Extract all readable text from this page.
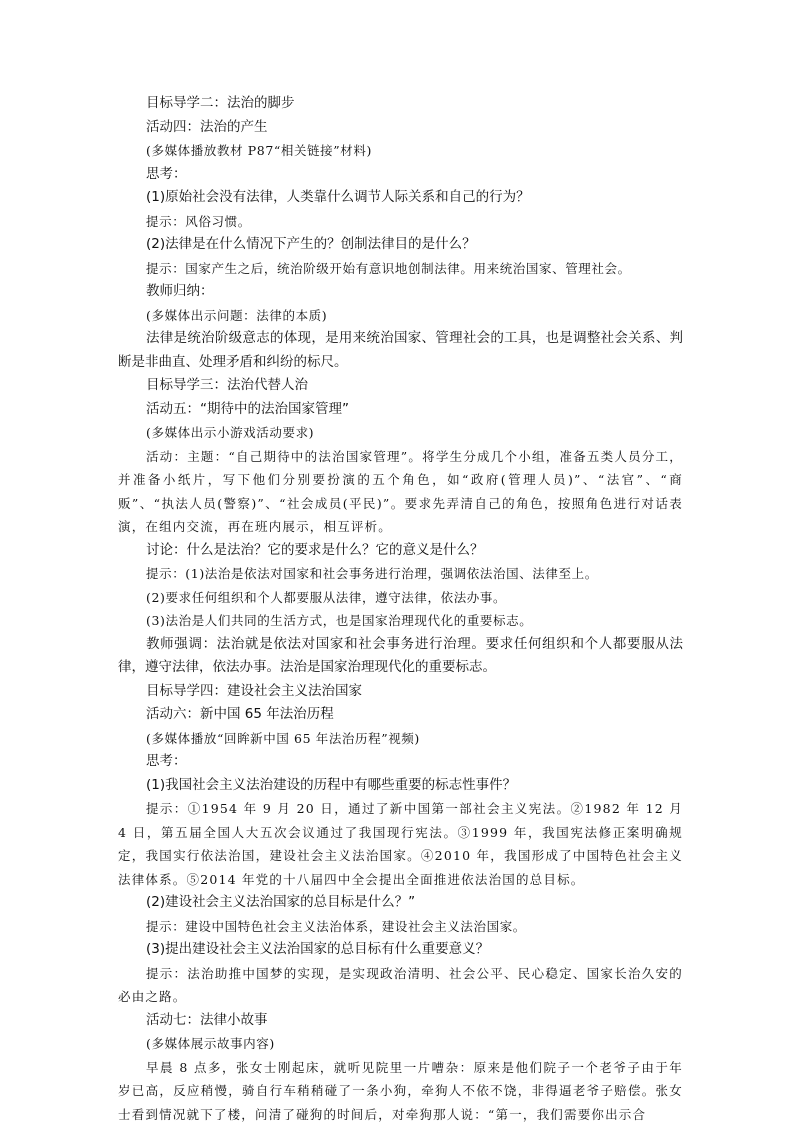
目标导学二：法治的脚步
活动四：法治的产生
(多媒体播放教材 P87“相关链接”材料)
思考：
(1)原始社会没有法律，人类靠什么调节人际关系和自己的行为？
提示：风俗习惯。
(2)法律是在什么情况下产生的？创制法律目的是什么？
提示：国家产生之后，统治阶级开始有意识地创制法律。用来统治国家、管理社会。
教师归纳：
(多媒体出示问题：法律的本质)
法律是统治阶级意志的体现，是用来统治国家、管理社会的工具，也是调整社会关系、判断是非曲直、处理矛盾和纠纷的标尺。
目标导学三：法治代替人治
活动五：“期待中的法治国家管理”
(多媒体出示小游戏活动要求)
活动：主题：“自己期待中的法治国家管理”。将学生分成几个小组，准备五类人员分工，并准备小纸片，写下他们分别要扮演的五个角色，如“政府(管理人员)”、“法官”、“商贩”、“执法人员(警察)”、“社会成员(平民)”。要求先弄清自己的角色，按照角色进行对话表演，在组内交流，再在班内展示，相互评析。
讨论：什么是法治？它的要求是什么？它的意义是什么？
提示：(1)法治是依法对国家和社会事务进行治理，强调依法治国、法律至上。
(2)要求任何组织和个人都要服从法律，遵守法律，依法办事。
(3)法治是人们共同的生活方式，也是国家治理现代化的重要标志。
教师强调：法治就是依法对国家和社会事务进行治理。要求任何组织和个人都要服从法律，遵守法律，依法办事。法治是国家治理现代化的重要标志。
目标导学四：建设社会主义法治国家
活动六：新中国 65 年法治历程
(多媒体播放“回眸新中国 65 年法治历程”视频)
思考：
(1)我国社会主义法治建设的历程中有哪些重要的标志性事件？
提示：①1954 年 9 月 20 日，通过了新中国第一部社会主义宪法。②1982 年 12 月 4 日，第五届全国人大五次会议通过了我国现行宪法。③1999 年，我国宪法修正案明确规定，我国实行依法治国，建设社会主义法治国家。④2010 年，我国形成了中国特色社会主义法律体系。⑤2014 年党的十八届四中全会提出全面推进依法治国的总目标。
(2)建设社会主义法治国家的总目标是什么？”
提示：建设中国特色社会主义法治体系，建设社会主义法治国家。
(3)提出建设社会主义法治国家的总目标有什么重要意义？
提示：法治助推中国梦的实现，是实现政治清明、社会公平、民心稳定、国家长治久安的必由之路。
活动七：法律小故事
(多媒体展示故事内容)
早晨 8 点多，张女士刚起床，就听见院里一片嘈杂：原来是他们院子一个老爷子由于年岁已高，反应稍慢，骑自行车稍稍碰了一条小狗，牵狗人不依不饶，非得逼老爷子赔偿。张女士看到情况就下了楼，问清了碰狗的时间后，对牵狗那人说：“第一，我们需要你出示合
